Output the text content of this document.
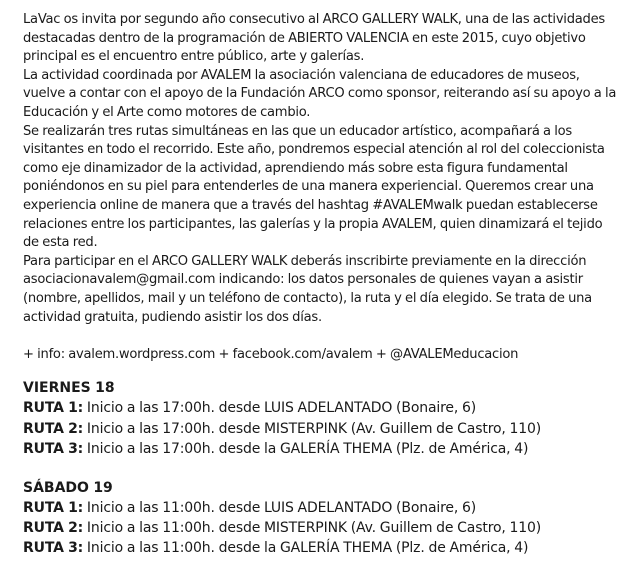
LaVac os invita por segundo año consecutivo al ARCO GALLERY WALK, una de las actividades
destacadas dentro de la programación de ABIERTO VALENCIA en este 2015, cuyo objetivo
principal es el encuentro entre público, arte y galerías.
La actividad coordinada por AVALEM la asociación valenciana de educadores de museos,
vuelve a contar con el apoyo de la Fundación ARCO como sponsor, reiterando así su apoyo a la
Educación y el Arte como motores de cambio.
Se realizarán tres rutas simultáneas en las que un educador artístico, acompañará a los
visitantes en todo el recorrido. Este año, pondremos especial atención al rol del coleccionista
como eje dinamizador de la actividad, aprendiendo más sobre esta figura fundamental
poniéndonos en su piel para entenderles de una manera experiencial. Queremos crear una
experiencia online de manera que a través del hashtag #AVALEMwalk puedan establecerse
relaciones entre los participantes, las galerías y la propia AVALEM, quien dinamizará el tejido
de esta red.
Para participar en el ARCO GALLERY WALK deberás inscribirte previamente en la dirección
asociacionavalem@gmail.com indicando: los datos personales de quienes vayan a asistir
(nombre, apellidos, mail y un teléfono de contacto), la ruta y el día elegido. Se trata de una
actividad gratuita, pudiendo asistir los dos días.
+ info: avalem.wordpress.com + facebook.com/avalem + @AVALEMeducacion
VIERNES 18
RUTA 1: Inicio a las 17:00h. desde LUIS ADELANTADO (Bonaire, 6)
RUTA 2: Inicio a las 17:00h. desde MISTERPINK (Av. Guillem de Castro, 110)
RUTA 3: Inicio a las 17:00h. desde la GALERÍA THEMA (Plz. de América, 4)
SÁBADO 19
RUTA 1: Inicio a las 11:00h. desde LUIS ADELANTADO (Bonaire, 6)
RUTA 2: Inicio a las 11:00h. desde MISTERPINK (Av. Guillem de Castro, 110)
RUTA 3: Inicio a las 11:00h. desde la GALERÍA THEMA (Plz. de América, 4)
